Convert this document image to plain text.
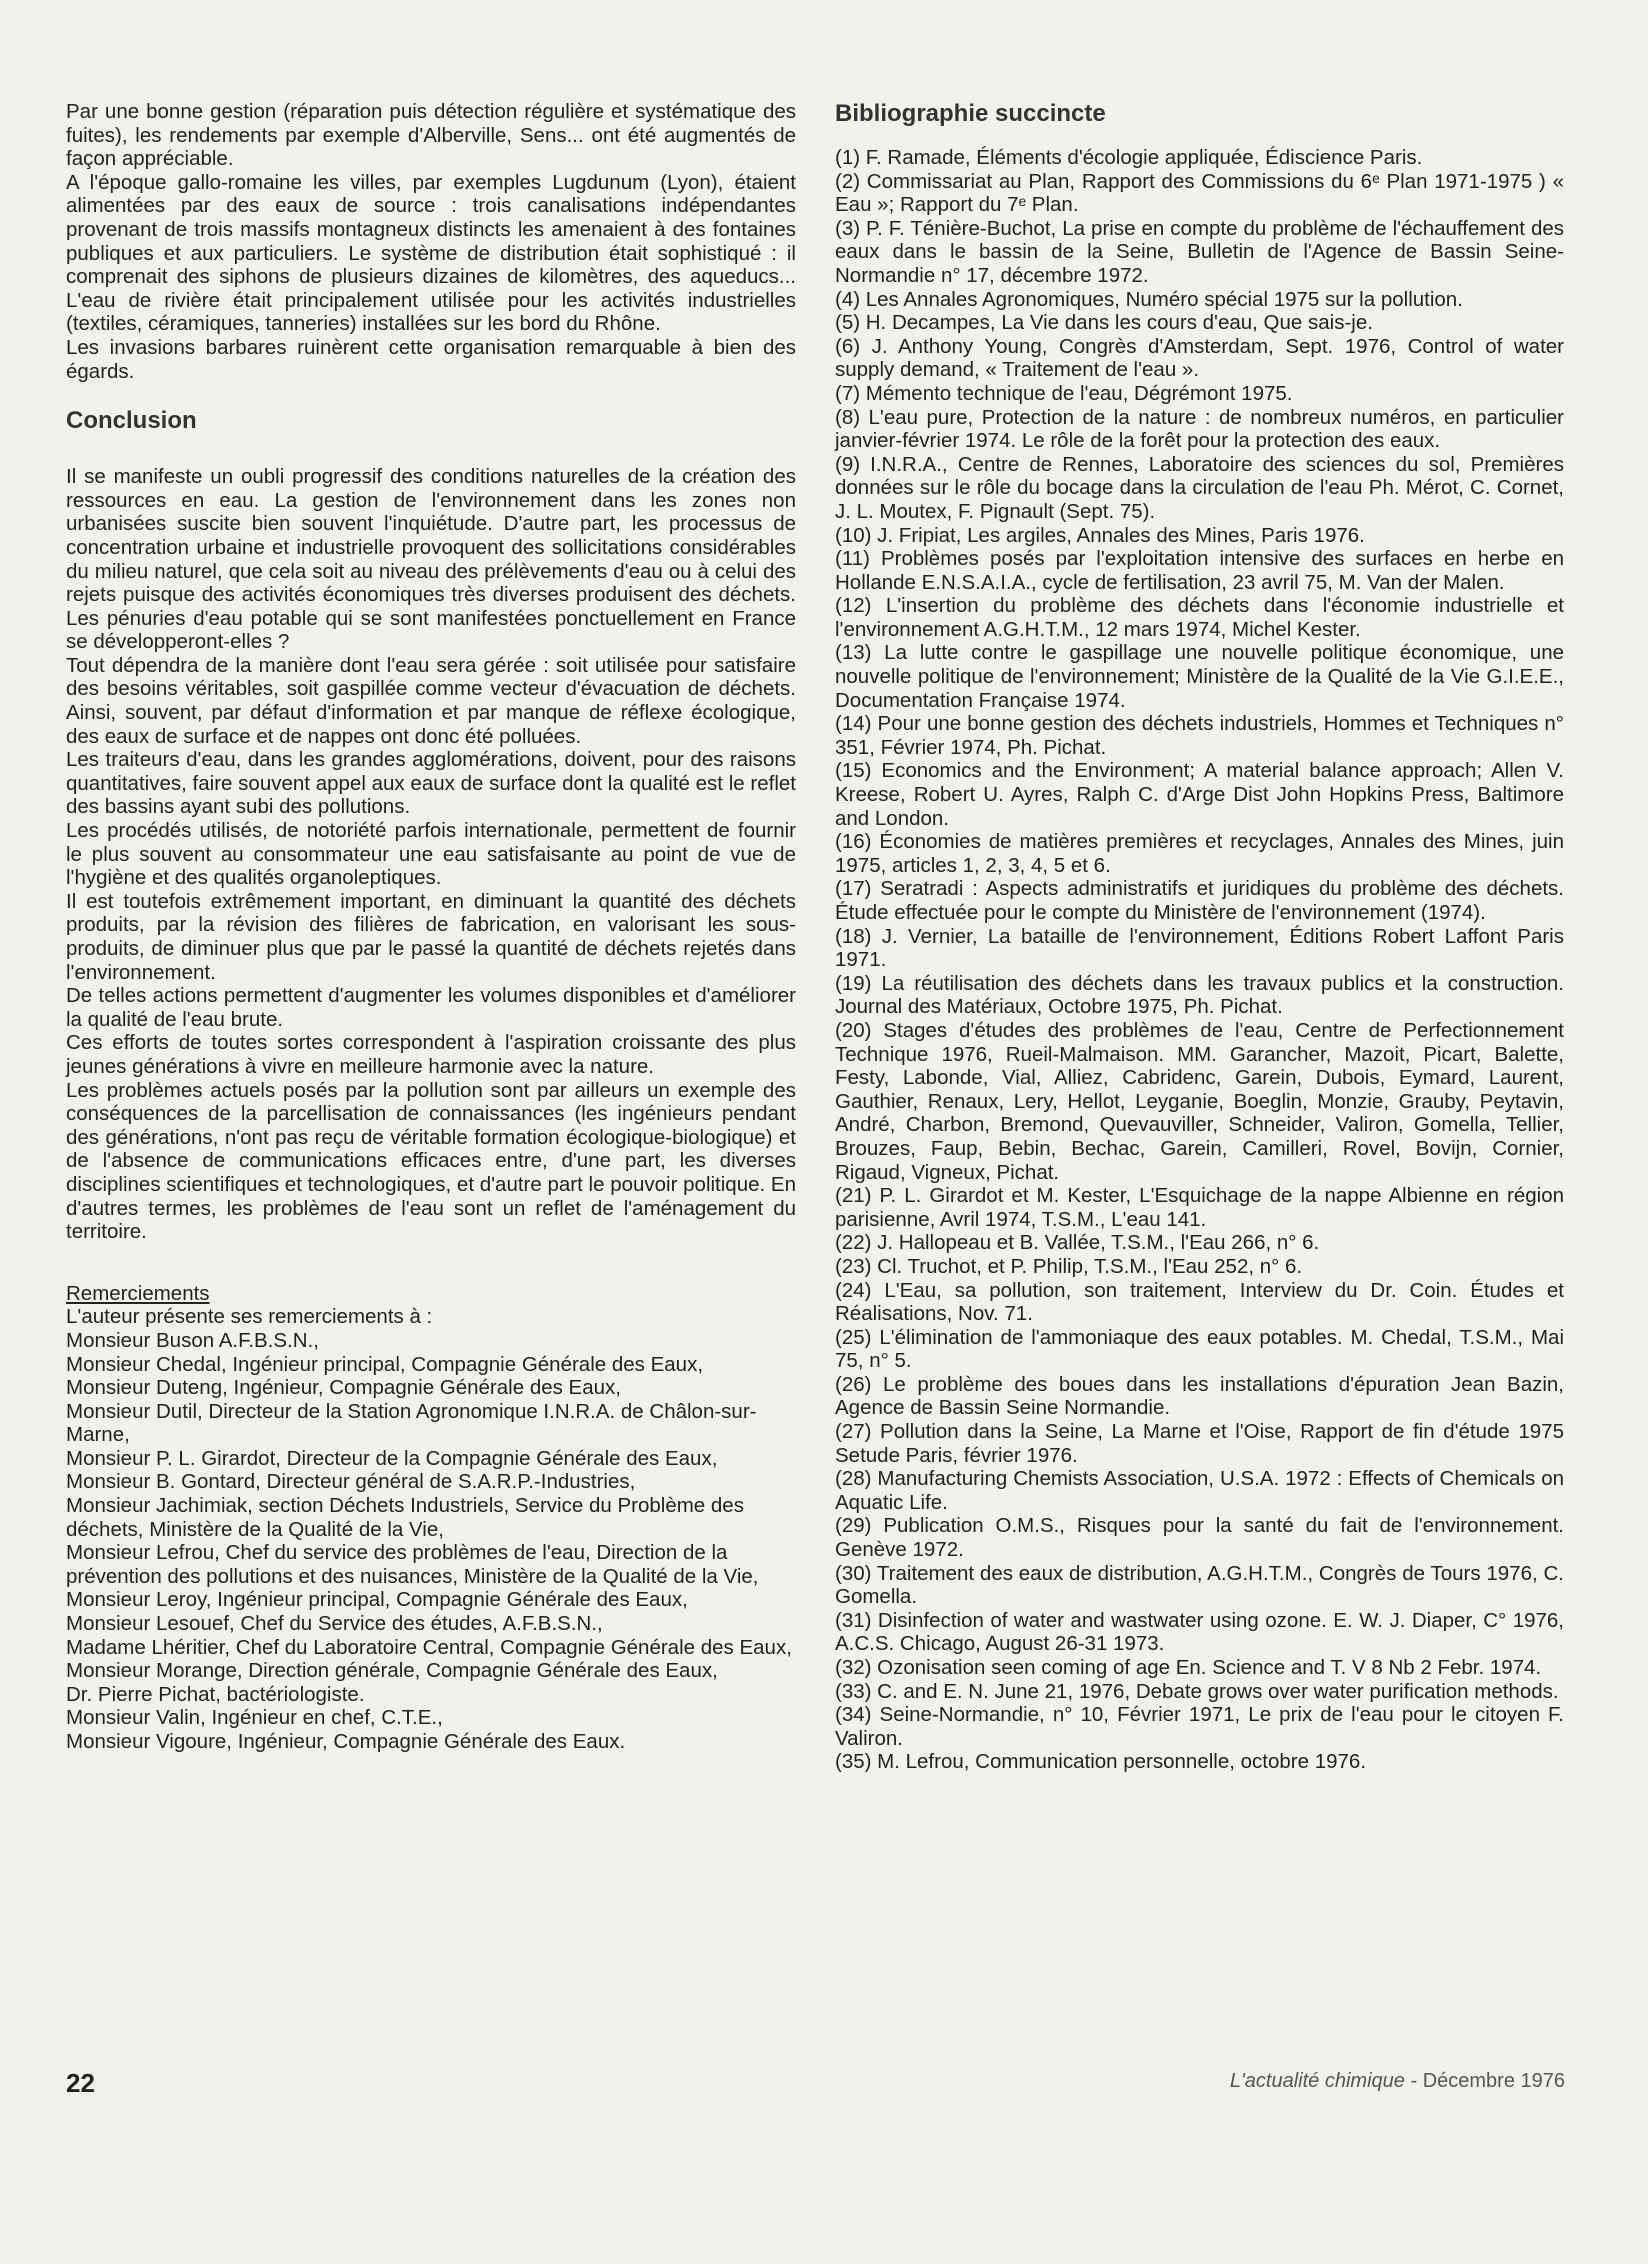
Par une bonne gestion (réparation puis détection régulière et systématique des fuites), les rendements par exemple d'Alberville, Sens... ont été augmentés de façon appréciable.

A l'époque gallo-romaine les villes, par exemples Lugdunum (Lyon), étaient alimentées par des eaux de source : trois canalisations indépendantes provenant de trois massifs montagneux distincts les amenaient à des fontaines publiques et aux particuliers. Le système de distribution était sophistiqué : il comprenait des siphons de plusieurs dizaines de kilomètres, des aqueducs... L'eau de rivière était principalement utilisée pour les activités industrielles (textiles, céramiques, tanneries) installées sur les bord du Rhône.

Les invasions barbares ruinèrent cette organisation remarquable à bien des égards.

Conclusion

Il se manifeste un oubli progressif des conditions naturelles de la création des ressources en eau. La gestion de l'environnement dans les zones non urbanisées suscite bien souvent l'inquiétude. D'autre part, les processus de concentration urbaine et industrielle provoquent des sollicitations considérables du milieu naturel, que cela soit au niveau des prélèvements d'eau ou à celui des rejets puisque des activités économiques très diverses produisent des déchets. Les pénuries d'eau potable qui se sont manifestées ponctuellement en France se développeront-elles ?

Tout dépendra de la manière dont l'eau sera gérée : soit utilisée pour satisfaire des besoins véritables, soit gaspillée comme vecteur d'évacuation de déchets. Ainsi, souvent, par défaut d'information et par manque de réflexe écologique, des eaux de surface et de nappes ont donc été polluées.

Les traiteurs d'eau, dans les grandes agglomérations, doivent, pour des raisons quantitatives, faire souvent appel aux eaux de surface dont la qualité est le reflet des bassins ayant subi des pollutions.

Les procédés utilisés, de notoriété parfois internationale, permettent de fournir le plus souvent au consommateur une eau satisfaisante au point de vue de l'hygiène et des qualités organoleptiques.

Il est toutefois extrêmement important, en diminuant la quantité des déchets produits, par la révision des filières de fabrication, en valorisant les sous-produits, de diminuer plus que par le passé la quantité de déchets rejetés dans l'environnement.

De telles actions permettent d'augmenter les volumes disponibles et d'améliorer la qualité de l'eau brute.

Ces efforts de toutes sortes correspondent à l'aspiration croissante des plus jeunes générations à vivre en meilleure harmonie avec la nature.

Les problèmes actuels posés par la pollution sont par ailleurs un exemple des conséquences de la parcellisation de connaissances (les ingénieurs pendant des générations, n'ont pas reçu de véritable formation écologique-biologique) et de l'absence de communications efficaces entre, d'une part, les diverses disciplines scientifiques et technologiques, et d'autre part le pouvoir politique. En d'autres termes, les problèmes de l'eau sont un reflet de l'aménagement du territoire.

Remerciements

L'auteur présente ses remerciements à :

Monsieur Buson A.F.B.S.N.,

Monsieur Chedal, Ingénieur principal, Compagnie Générale des Eaux,

Monsieur Duteng, Ingénieur, Compagnie Générale des Eaux,

Monsieur Dutil, Directeur de la Station Agronomique I.N.R.A. de Châlon-sur-Marne,

Monsieur P. L. Girardot, Directeur de la Compagnie Générale des Eaux,

Monsieur B. Gontard, Directeur général de S.A.R.P.-Industries,

Monsieur Jachimiak, section Déchets Industriels, Service du Problème des déchets, Ministère de la Qualité de la Vie,

Monsieur Lefrou, Chef du service des problèmes de l'eau, Direction de la prévention des pollutions et des nuisances, Ministère de la Qualité de la Vie,

Monsieur Leroy, Ingénieur principal, Compagnie Générale des Eaux,

Monsieur Lesouef, Chef du Service des études, A.F.B.S.N.,

Madame Lhéritier, Chef du Laboratoire Central, Compagnie Générale des Eaux,

Monsieur Morange, Direction générale, Compagnie Générale des Eaux,

Dr. Pierre Pichat, bactériologiste.

Monsieur Valin, Ingénieur en chef, C.T.E.,

Monsieur Vigoure, Ingénieur, Compagnie Générale des Eaux.

Bibliographie succincte

(1) F. Ramade, Éléments d'écologie appliquée, Édiscience Paris.

(2) Commissariat au Plan, Rapport des Commissions du 6ᵉ Plan 1971-1975 ) « Eau »; Rapport du 7ᵉ Plan.

(3) P. F. Ténière-Buchot, La prise en compte du problème de l'échauffement des eaux dans le bassin de la Seine, Bulletin de l'Agence de Bassin Seine-Normandie n° 17, décembre 1972.

(4) Les Annales Agronomiques, Numéro spécial 1975 sur la pollution.

(5) H. Decampes, La Vie dans les cours d'eau, Que sais-je.

(6) J. Anthony Young, Congrès d'Amsterdam, Sept. 1976, Control of water supply demand, « Traitement de l'eau ».

(7) Mémento technique de l'eau, Dégrémont 1975.

(8) L'eau pure, Protection de la nature : de nombreux numéros, en particulier janvier-février 1974. Le rôle de la forêt pour la protection des eaux.

(9) I.N.R.A., Centre de Rennes, Laboratoire des sciences du sol, Premières données sur le rôle du bocage dans la circulation de l'eau Ph. Mérot, C. Cornet, J. L. Moutex, F. Pignault (Sept. 75).

(10) J. Fripiat, Les argiles, Annales des Mines, Paris 1976.

(11) Problèmes posés par l'exploitation intensive des surfaces en herbe en Hollande E.N.S.A.I.A., cycle de fertilisation, 23 avril 75, M. Van der Malen.

(12) L'insertion du problème des déchets dans l'économie industrielle et l'environnement A.G.H.T.M., 12 mars 1974, Michel Kester.

(13) La lutte contre le gaspillage une nouvelle politique économique, une nouvelle politique de l'environnement; Ministère de la Qualité de la Vie G.I.E.E., Documentation Française 1974.

(14) Pour une bonne gestion des déchets industriels, Hommes et Techniques n° 351, Février 1974, Ph. Pichat.

(15) Economics and the Environment; A material balance approach; Allen V. Kreese, Robert U. Ayres, Ralph C. d'Arge Dist John Hopkins Press, Baltimore and London.

(16) Économies de matières premières et recyclages, Annales des Mines, juin 1975, articles 1, 2, 3, 4, 5 et 6.

(17) Seratradi : Aspects administratifs et juridiques du problème des déchets. Étude effectuée pour le compte du Ministère de l'environnement (1974).

(18) J. Vernier, La bataille de l'environnement, Éditions Robert Laffont Paris 1971.

(19) La réutilisation des déchets dans les travaux publics et la construction. Journal des Matériaux, Octobre 1975, Ph. Pichat.

(20) Stages d'études des problèmes de l'eau, Centre de Perfectionnement Technique 1976, Rueil-Malmaison. MM. Garancher, Mazoit, Picart, Balette, Festy, Labonde, Vial, Alliez, Cabridenc, Garein, Dubois, Eymard, Laurent, Gauthier, Renaux, Lery, Hellot, Leyganie, Boeglin, Monzie, Grauby, Peytavin, André, Charbon, Bremond, Quevauviller, Schneider, Valiron, Gomella, Tellier, Brouzes, Faup, Bebin, Bechac, Garein, Camilleri, Rovel, Bovijn, Cornier, Rigaud, Vigneux, Pichat.

(21) P. L. Girardot et M. Kester, L'Esquichage de la nappe Albienne en région parisienne, Avril 1974, T.S.M., L'eau 141.

(22) J. Hallopeau et B. Vallée, T.S.M., l'Eau 266, n° 6.

(23) Cl. Truchot, et P. Philip, T.S.M., l'Eau 252, n° 6.

(24) L'Eau, sa pollution, son traitement, Interview du Dr. Coin. Études et Réalisations, Nov. 71.

(25) L'élimination de l'ammoniaque des eaux potables. M. Chedal, T.S.M., Mai 75, n° 5.

(26) Le problème des boues dans les installations d'épuration Jean Bazin, Agence de Bassin Seine Normandie.

(27) Pollution dans la Seine, La Marne et l'Oise, Rapport de fin d'étude 1975 Setude Paris, février 1976.

(28) Manufacturing Chemists Association, U.S.A. 1972 : Effects of Chemicals on Aquatic Life.

(29) Publication O.M.S., Risques pour la santé du fait de l'environnement. Genève 1972.

(30) Traitement des eaux de distribution, A.G.H.T.M., Congrès de Tours 1976, C. Gomella.

(31) Disinfection of water and wastwater using ozone. E. W. J. Diaper, C° 1976, A.C.S. Chicago, August 26-31 1973.

(32) Ozonisation seen coming of age En. Science and T. V 8 Nb 2 Febr. 1974.

(33) C. and E. N. June 21, 1976, Debate grows over water purification methods.

(34) Seine-Normandie, n° 10, Février 1971, Le prix de l'eau pour le citoyen F. Valiron.

(35) M. Lefrou, Communication personnelle, octobre 1976.

22	L'actualité chimique - Décembre 1976
